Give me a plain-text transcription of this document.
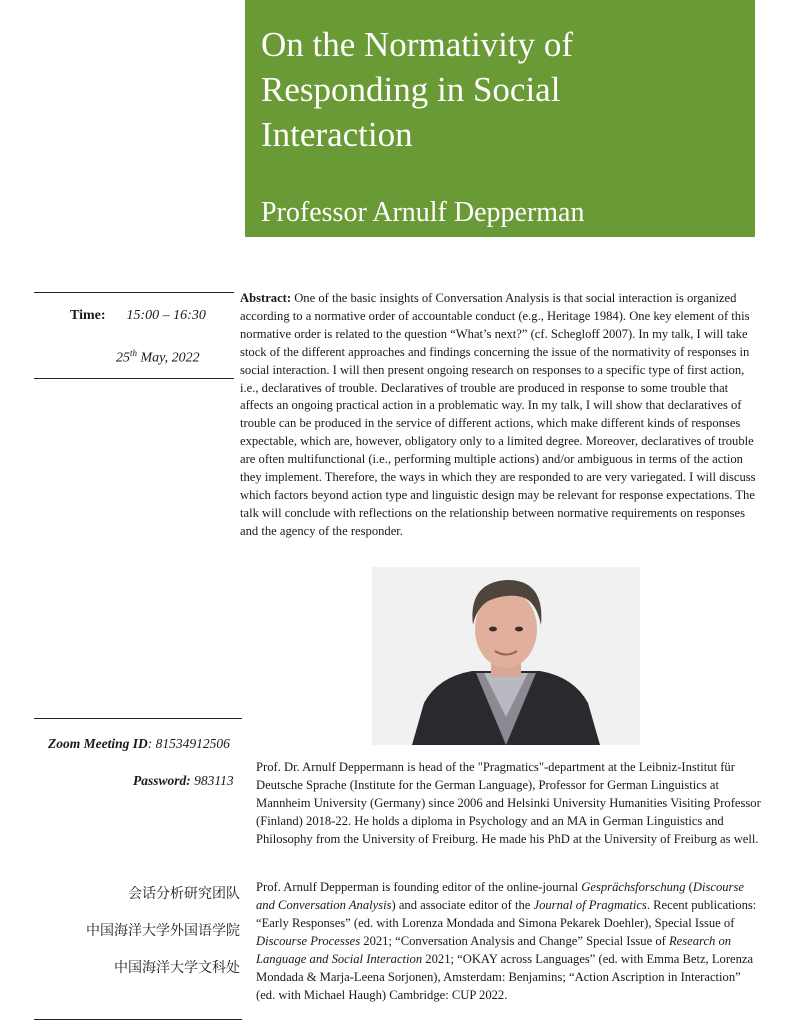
On the Normativity of
Responding in Social
Interaction
Professor Arnulf Depperman
Time: 15:00 – 16:30
25th May, 2022
Abstract: One of the basic insights of Conversation Analysis is that social interaction is organized according to a normative order of accountable conduct (e.g., Heritage 1984). One key element of this normative order is related to the question “What’s next?” (cf. Schegloff 2007). In my talk, I will take stock of the different approaches and findings concerning the issue of the normativity of responses in social interaction. I will then present ongoing research on responses to a specific type of first action, i.e., declaratives of trouble. Declaratives of trouble are produced in response to some trouble that affects an ongoing practical action in a problematic way. In my talk, I will show that declaratives of trouble can be produced in the service of different actions, which make different kinds of responses expectable, which are, however, obligatory only to a limited degree. Moreover, declaratives of trouble are often multifunctional (i.e., performing multiple actions) and/or ambiguous in terms of the action they implement. Therefore, the ways in which they are responded to are very variegated. I will discuss which factors beyond action type and linguistic design may be relevant for response expectations. The talk will conclude with reflections on the relationship between normative requirements on responses and the agency of the responder.
Zoom Meeting ID: 81534912506
Password: 983113
Prof. Dr. Arnulf Deppermann is head of the "Pragmatics"-department at the Leibniz-Institut für Deutsche Sprache (Institute for the German Language), Professor for German Linguistics at Mannheim University (Germany) since 2006 and Helsinki University Humanities Visiting Professor (Finland) 2018-22. He holds a diploma in Psychology and an MA in German Linguistics and Philosophy from the University of Freiburg. He made his PhD at the University of Freiburg as well.
Prof. Arnulf Depperman is founding editor of the online-journal Gesprächsforschung (Discourse and Conversation Analysis) and associate editor of the Journal of Pragmatics. Recent publications: “Early Responses” (ed. with Lorenza Mondada and Simona Pekarek Doehler), Special Issue of Discourse Processes 2021; “Conversation Analysis and Change” Special Issue of Research on Language and Social Interaction 2021; “OKAY across Languages” (ed. with Emma Betz, Lorenza Mondada & Marja-Leena Sorjonen), Amsterdam: Benjamins; “Action Ascription in Interaction” (ed. with Michael Haugh) Cambridge: CUP 2022.
会话分析研究团队
中国海洋大学外国语学院
中国海洋大学文科处
